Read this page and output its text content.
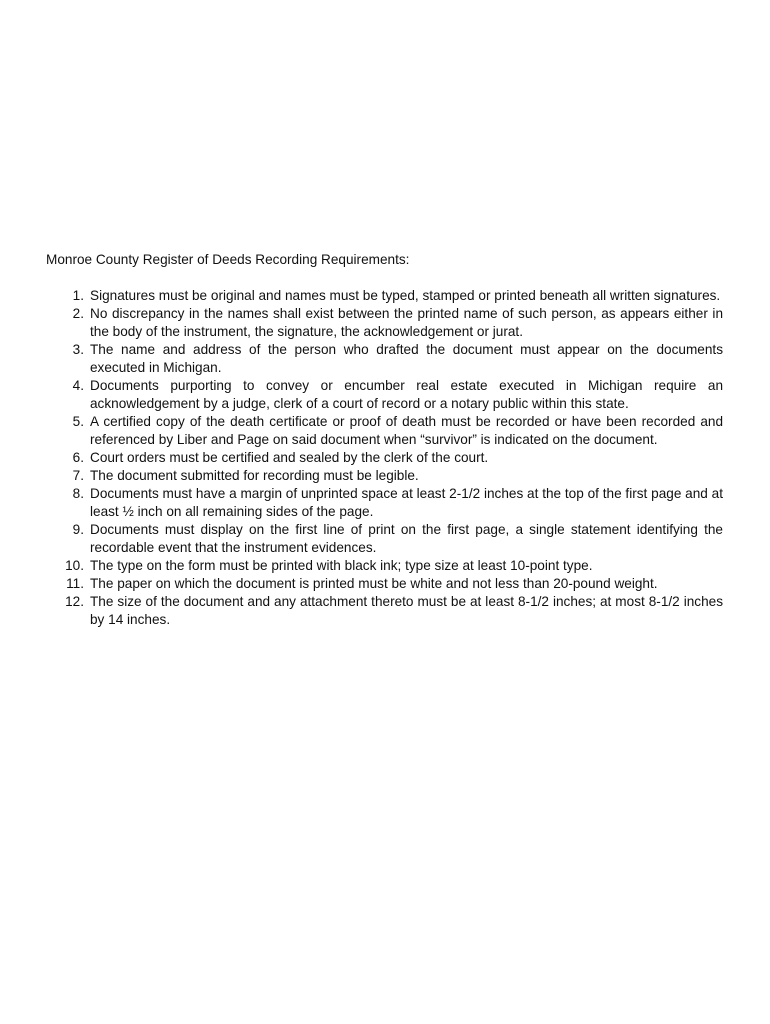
Monroe County Register of Deeds Recording Requirements:
1. Signatures must be original and names must be typed, stamped or printed beneath all written signatures.
2. No discrepancy in the names shall exist between the printed name of such person, as appears either in the body of the instrument, the signature, the acknowledgement or jurat.
3. The name and address of the person who drafted the document must appear on the documents executed in Michigan.
4. Documents purporting to convey or encumber real estate executed in Michigan require an acknowledgement by a judge, clerk of a court of record or a notary public within this state.
5. A certified copy of the death certificate or proof of death must be recorded or have been recorded and referenced by Liber and Page on said document when “survivor” is indicated on the document.
6. Court orders must be certified and sealed by the clerk of the court.
7. The document submitted for recording must be legible.
8. Documents must have a margin of unprinted space at least 2-1/2 inches at the top of the first page and at least ½ inch on all remaining sides of the page.
9. Documents must display on the first line of print on the first page, a single statement identifying the recordable event that the instrument evidences.
10. The type on the form must be printed with black ink; type size at least 10-point type.
11. The paper on which the document is printed must be white and not less than 20-pound weight.
12. The size of the document and any attachment thereto must be at least 8-1/2 inches; at most 8-1/2 inches by 14 inches.
